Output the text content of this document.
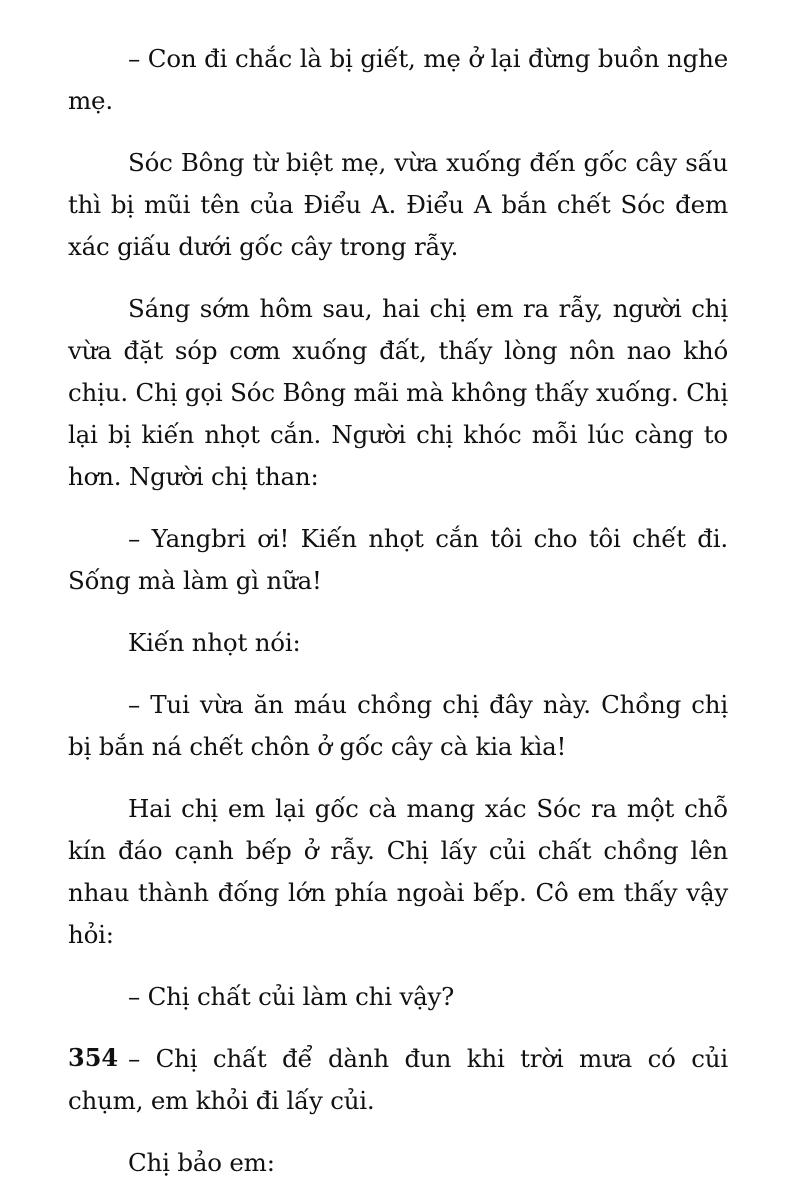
– Con đi chắc là bị giết, mẹ ở lại đừng buồn nghe mẹ.

Sóc Bông từ biệt mẹ, vừa xuống đến gốc cây sấu thì bị mũi tên của Điểu A. Điểu A bắn chết Sóc đem xác giấu dưới gốc cây trong rẫy.

Sáng sớm hôm sau, hai chị em ra rẫy, người chị vừa đặt sóp cơm xuống đất, thấy lòng nôn nao khó chịu. Chị gọi Sóc Bông mãi mà không thấy xuống. Chị lại bị kiến nhọt cắn. Người chị khóc mỗi lúc càng to hơn. Người chị than:

– Yangbri ơi! Kiến nhọt cắn tôi cho tôi chết đi. Sống mà làm gì nữa!

Kiến nhọt nói:

– Tui vừa ăn máu chồng chị đây này. Chồng chị bị bắn ná chết chôn ở gốc cây cà kia kìa!

Hai chị em lại gốc cà mang xác Sóc ra một chỗ kín đáo cạnh bếp ở rẫy. Chị lấy củi chất chồng lên nhau thành đống lớn phía ngoài bếp. Cô em thấy vậy hỏi:

– Chị chất củi làm chi vậy?

– Chị chất để dành đun khi trời mưa có củi chụm, em khỏi đi lấy củi.

Chị bảo em:

354
